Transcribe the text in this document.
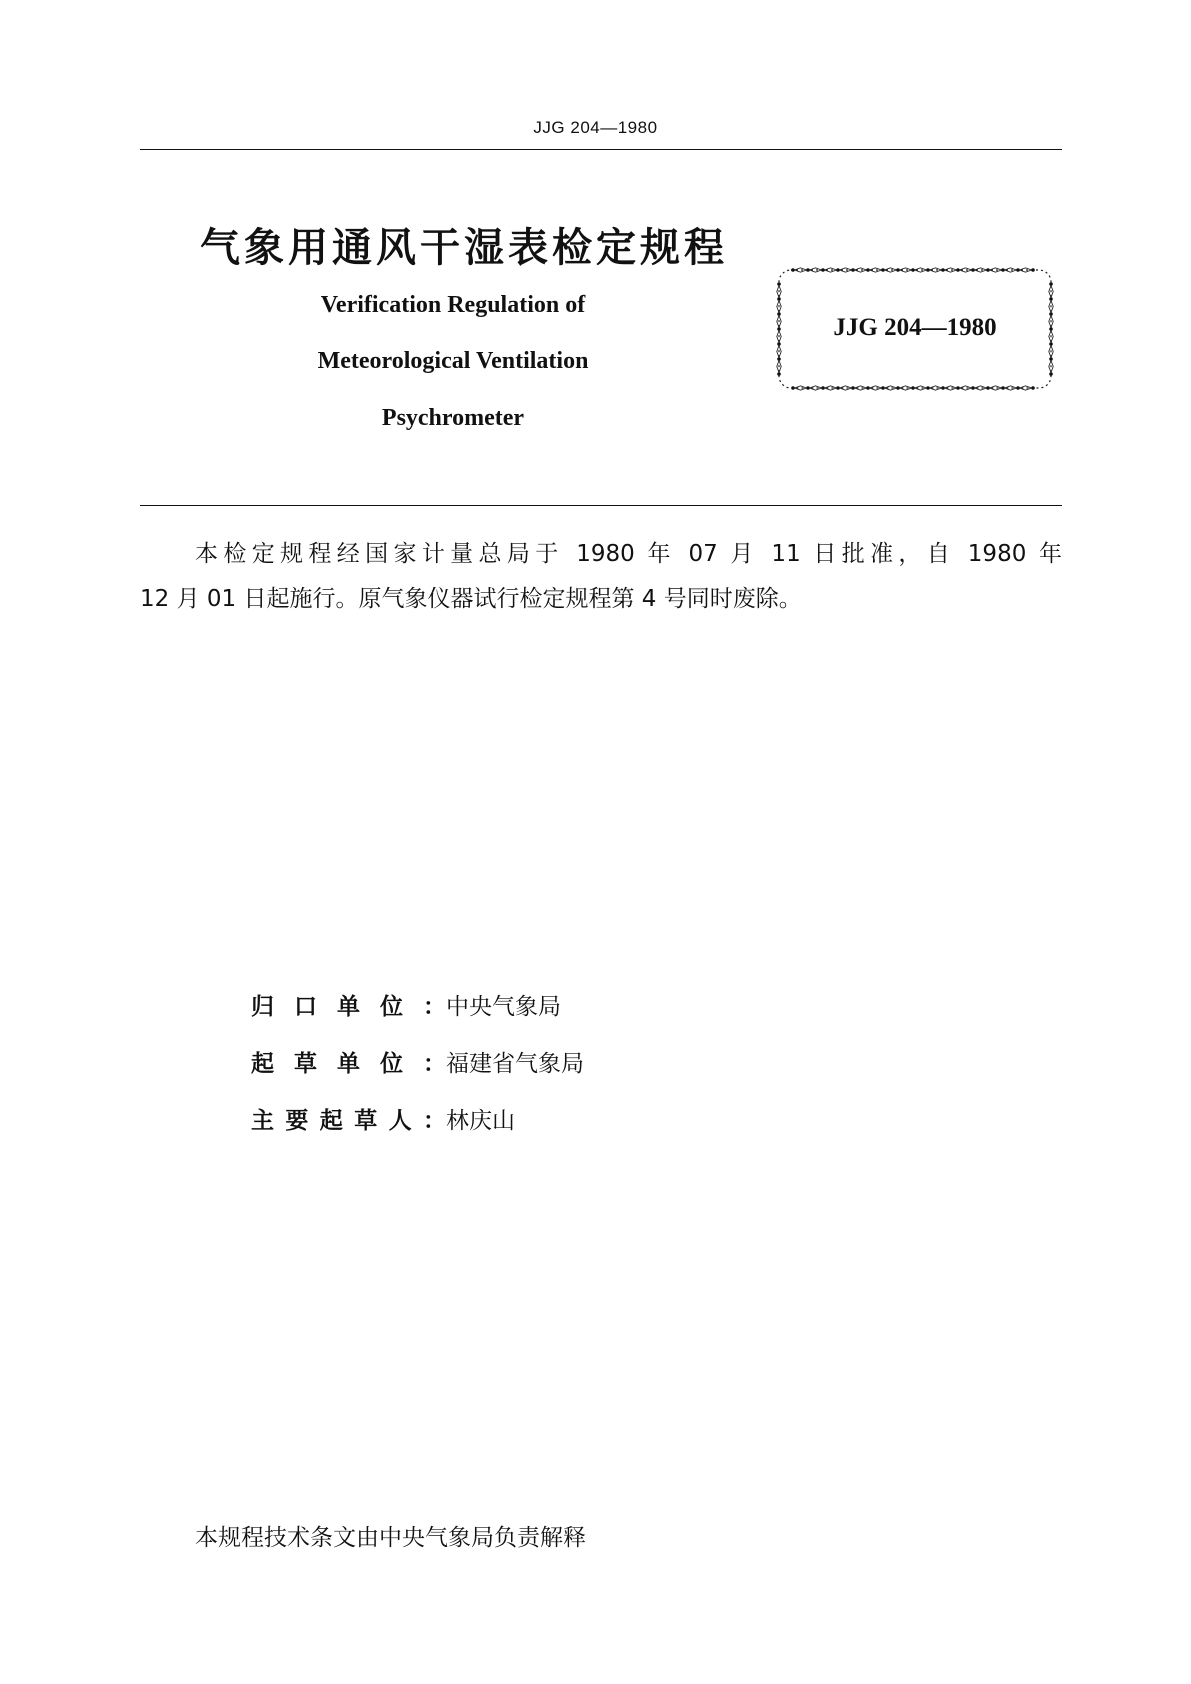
JJG 204—1980
气象用通风干湿表检定规程
Verification Regulation of
Meteorological Ventilation
Psychrometer
JJG 204—1980
本检定规程经国家计量总局于 1980 年 07 月 11 日批准，自 1980 年
12 月 01 日起施行。原气象仪器试行检定规程第 4 号同时废除。
归口单位：中央气象局
起草单位：福建省气象局
主要起草人：林庆山
本规程技术条文由中央气象局负责解释
